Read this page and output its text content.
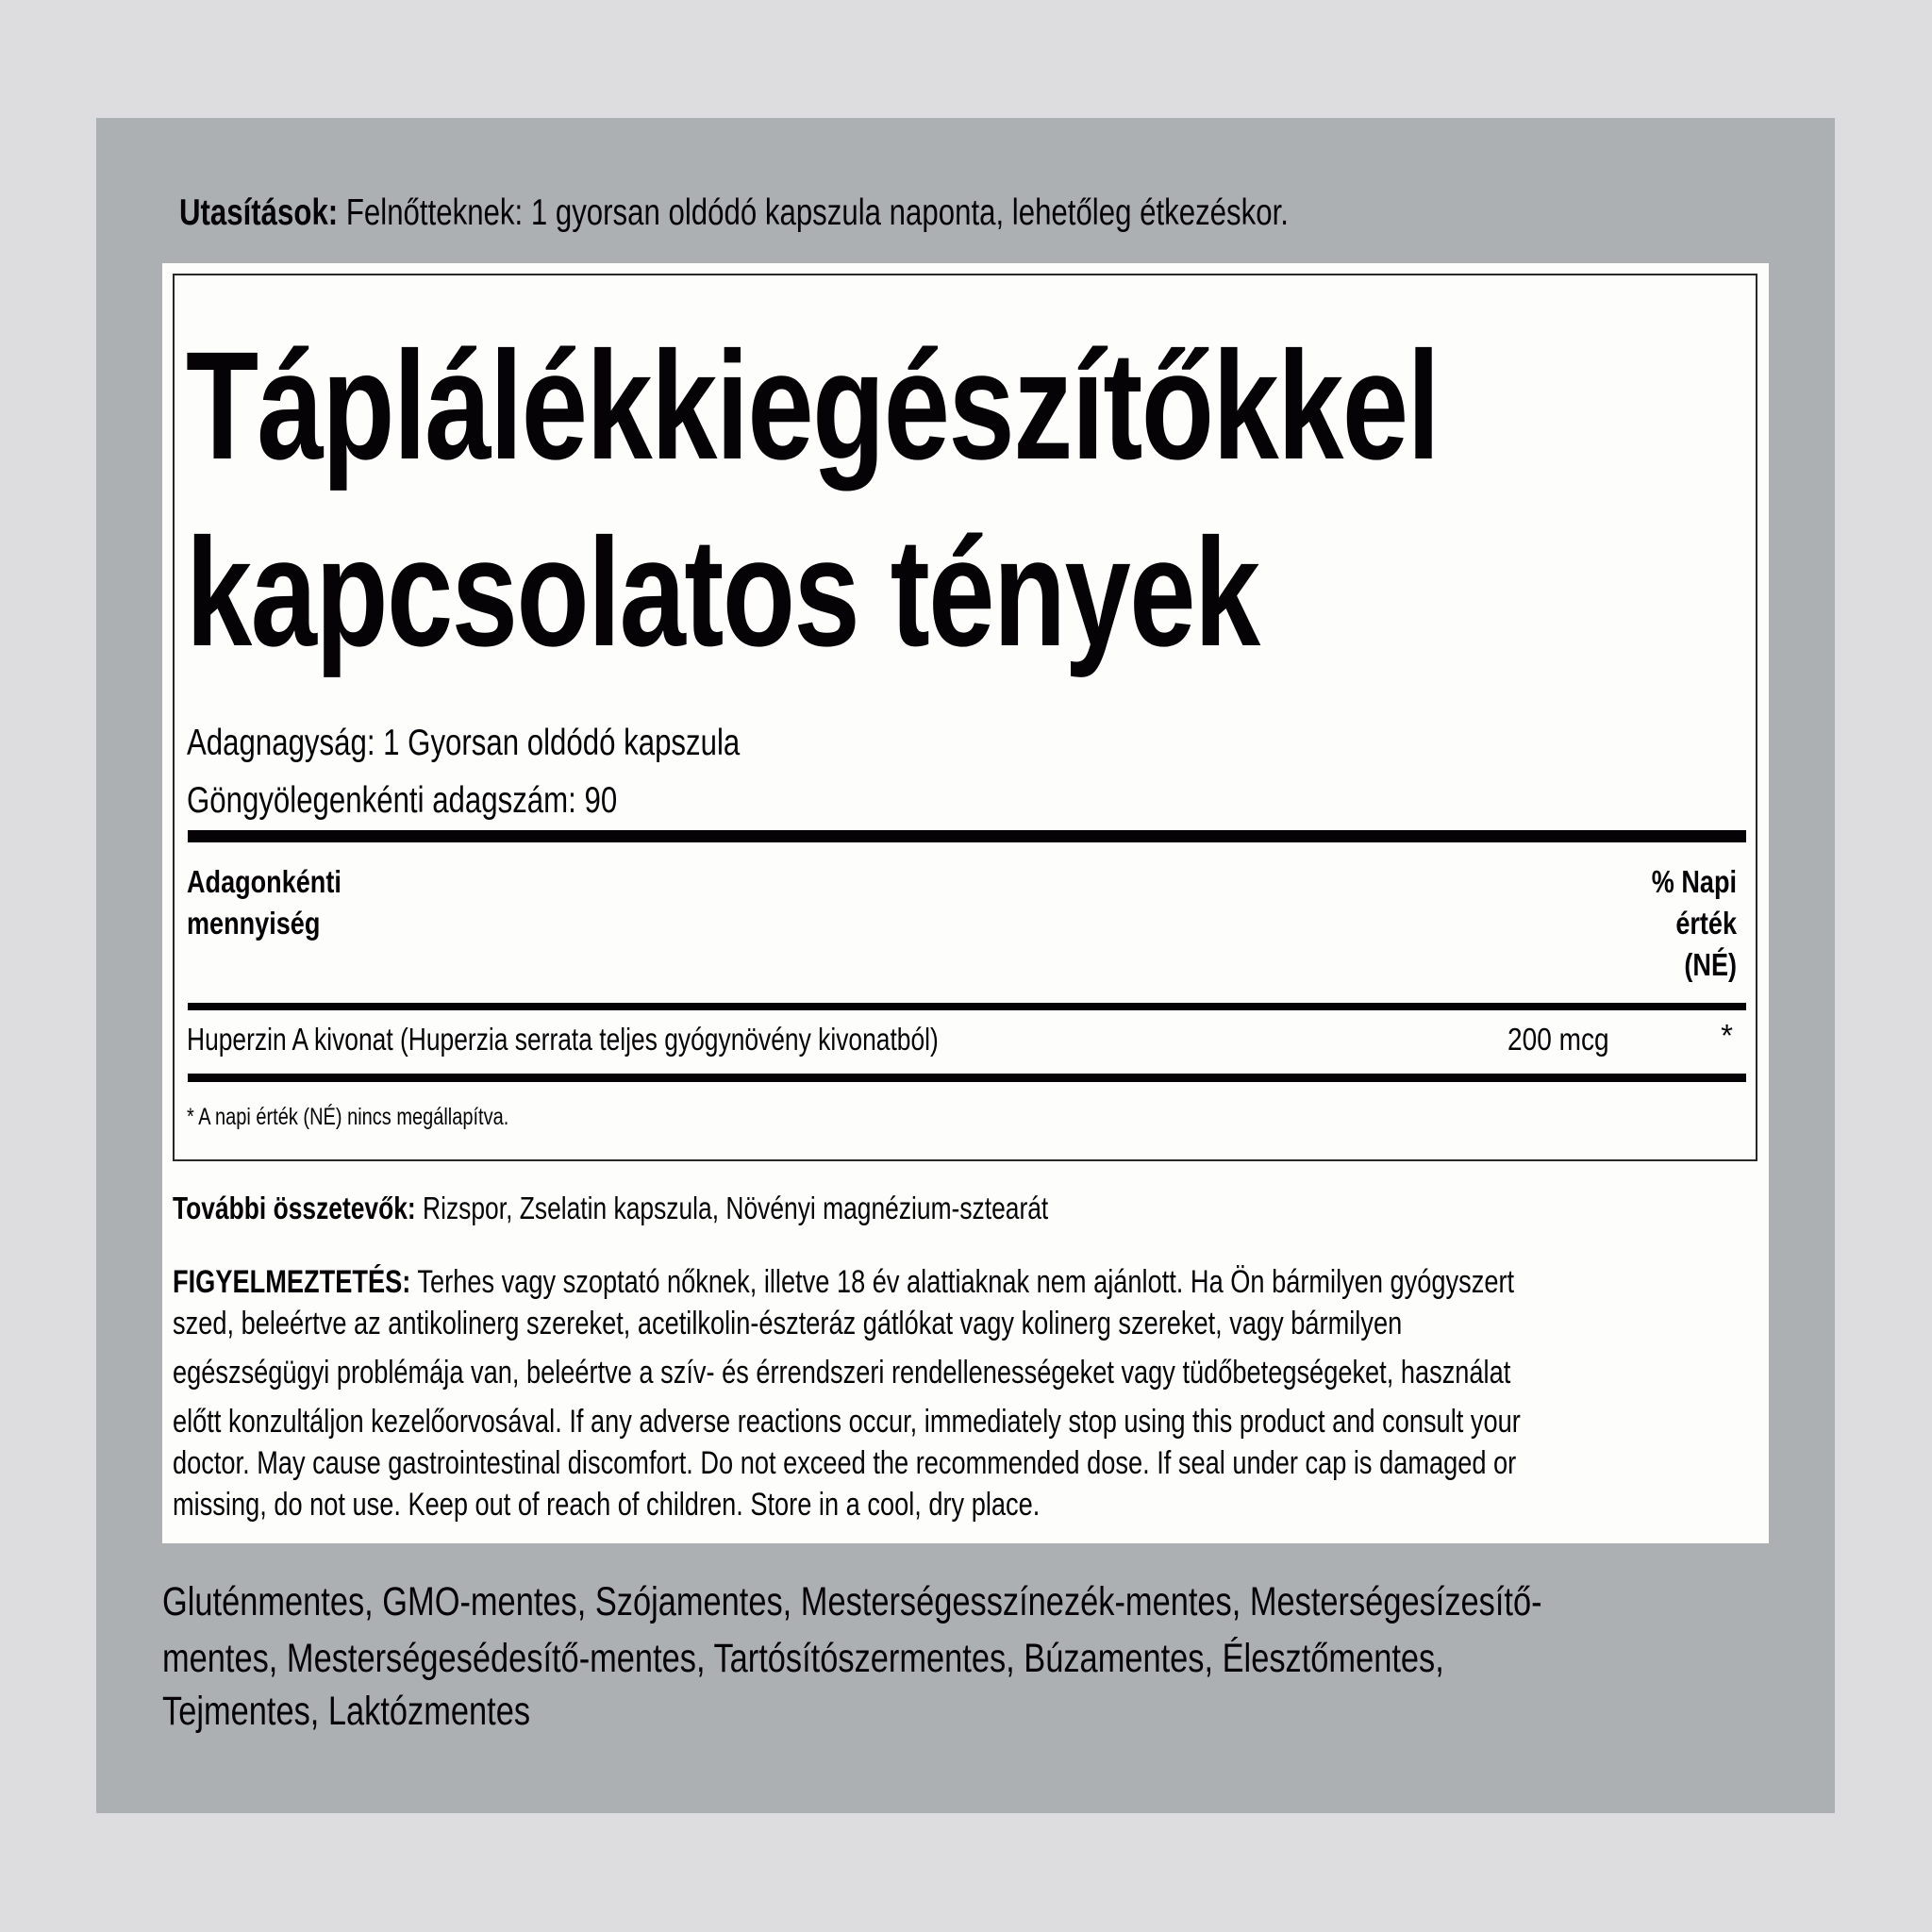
Utasítások: Felnőtteknek: 1 gyorsan oldódó kapszula naponta, lehetőleg étkezéskor.
Táplálékkiegészítőkkel
kapcsolatos tények
Adagnagyság: 1 Gyorsan oldódó kapszula
Göngyölegenkénti adagszám: 90
Adagonkénti
mennyiség
% Napi
érték
(NÉ)
Huperzin A kivonat (Huperzia serrata teljes gyógynövény kivonatból)	200 mcg	*
* A napi érték (NÉ) nincs megállapítva.
További összetevők: Rizspor, Zselatin kapszula, Növényi magnézium-sztearát
FIGYELMEZTETÉS: Terhes vagy szoptató nőknek, illetve 18 év alattiaknak nem ajánlott. Ha Ön bármilyen gyógyszert
szed, beleértve az antikolinerg szereket, acetilkolin-észteráz gátlókat vagy kolinerg szereket, vagy bármilyen
egészségügyi problémája van, beleértve a szív- és érrendszeri rendellenességeket vagy tüdőbetegségeket, használat
előtt konzultáljon kezelőorvosával. If any adverse reactions occur, immediately stop using this product and consult your
doctor. May cause gastrointestinal discomfort. Do not exceed the recommended dose. If seal under cap is damaged or
missing, do not use. Keep out of reach of children. Store in a cool, dry place.
Gluténmentes, GMO-mentes, Szójamentes, Mesterségesszínezék-mentes, Mesterségesízesítő-
mentes, Mesterségesédesítő-mentes, Tartósítószermentes, Búzamentes, Élesztőmentes,
Tejmentes, Laktózmentes
